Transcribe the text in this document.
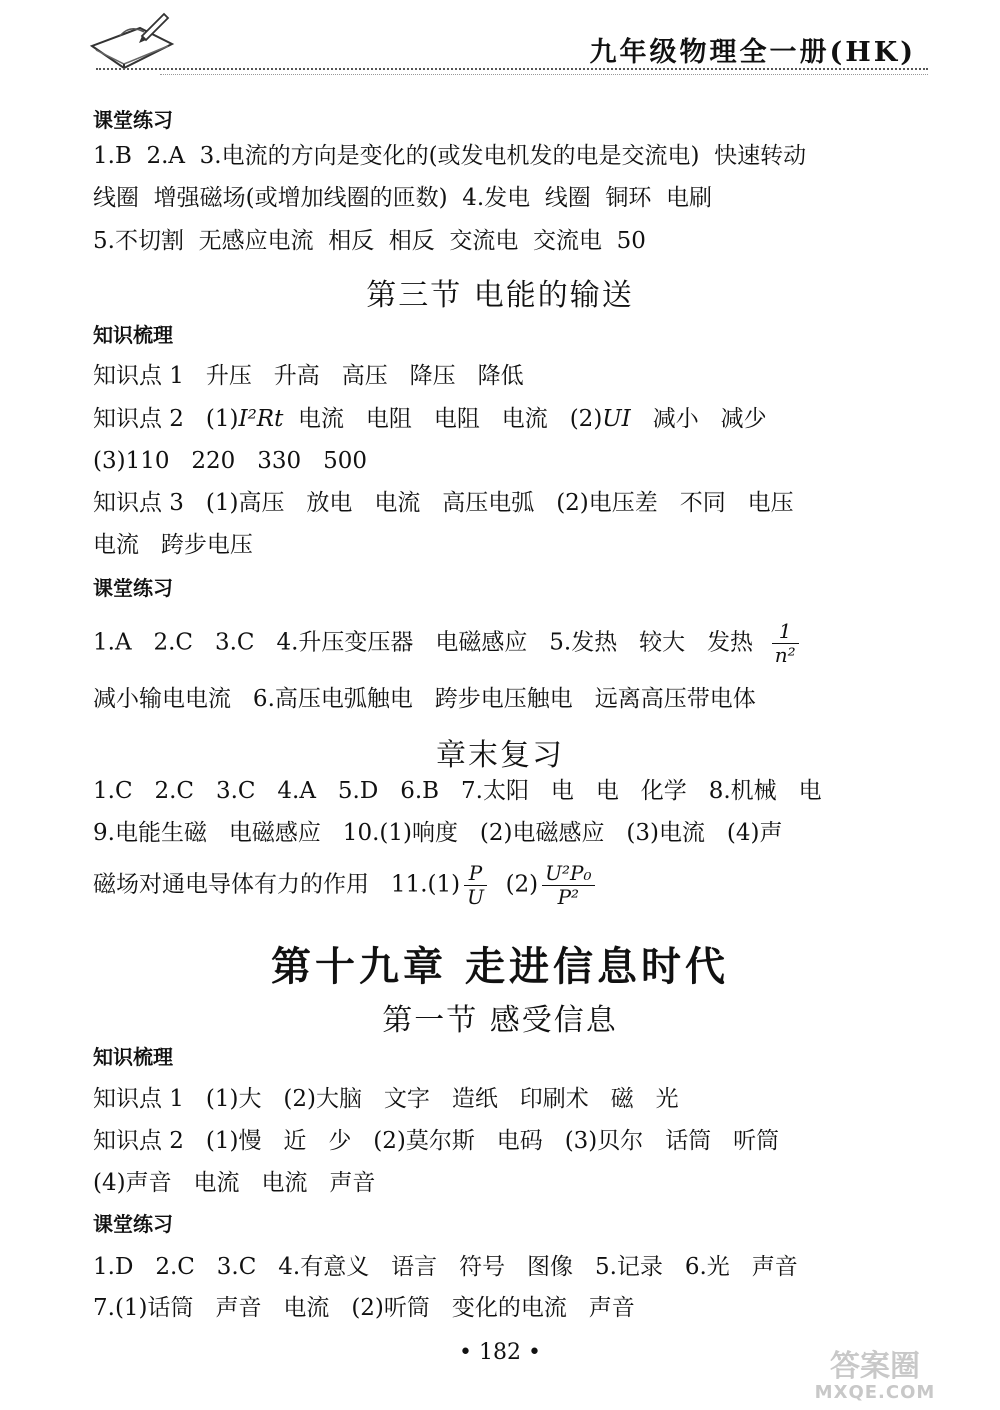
九年级物理全一册(HK)
课堂练习
1.B  2.A  3.电流的方向是变化的(或发电机发的电是交流电)  快速转动
线圈  增强磁场(或增加线圈的匝数)  4.发电  线圈  铜环  电刷
5.不切割  无感应电流  相反  相反  交流电  交流电  50
第三节 电能的输送
知识梳理
知识点 1   升压   升高   高压   降压   降低
知识点 2 (1)I²Rt  电流   电阻   电阻   电流   (2)UI   减小   减少
(3)110   220   330   500
知识点 3   (1)高压   放电   电流   高压电弧   (2)电压差   不同   电压
电流   跨步电压
课堂练习
1.A   2.C   3.C   4.升压变压器   电磁感应   5.发热   较大   发热 $\frac{1}{\text{n²}}$
减小输电电流   6.高压电弧触电   跨步电压触电   远离高压带电体
章末复习
1.C   2.C   3.C   4.A   5.D   6.B   7.太阳   电   电   化学   8.机械   电
9.电能生磁   电磁感应   10.(1)响度   (2)电磁感应   (3)电流   (4)声
磁场对通电导体有力的作用   $11.(1) \frac{P}{U} (2) \frac{\text{U²P₀}}{\text{P²}}$
第十九章 走进信息时代
第一节 感受信息
知识梳理
知识点 1   (1)大   (2)大脑   文字   造纸   印刷术   磁   光
知识点 2   (1)慢   近   少   (2)莫尔斯   电码   (3)贝尔   话筒   听筒
(4)声音   电流   电流   声音
课堂练习
1.D   2.C   3.C   4.有意义   语言   符号   图像   5.记录   6.光   声音
7.(1)话筒   声音   电流   (2)听筒   变化的电流   声音
• 182 •	答案圈
MXQE.COM
